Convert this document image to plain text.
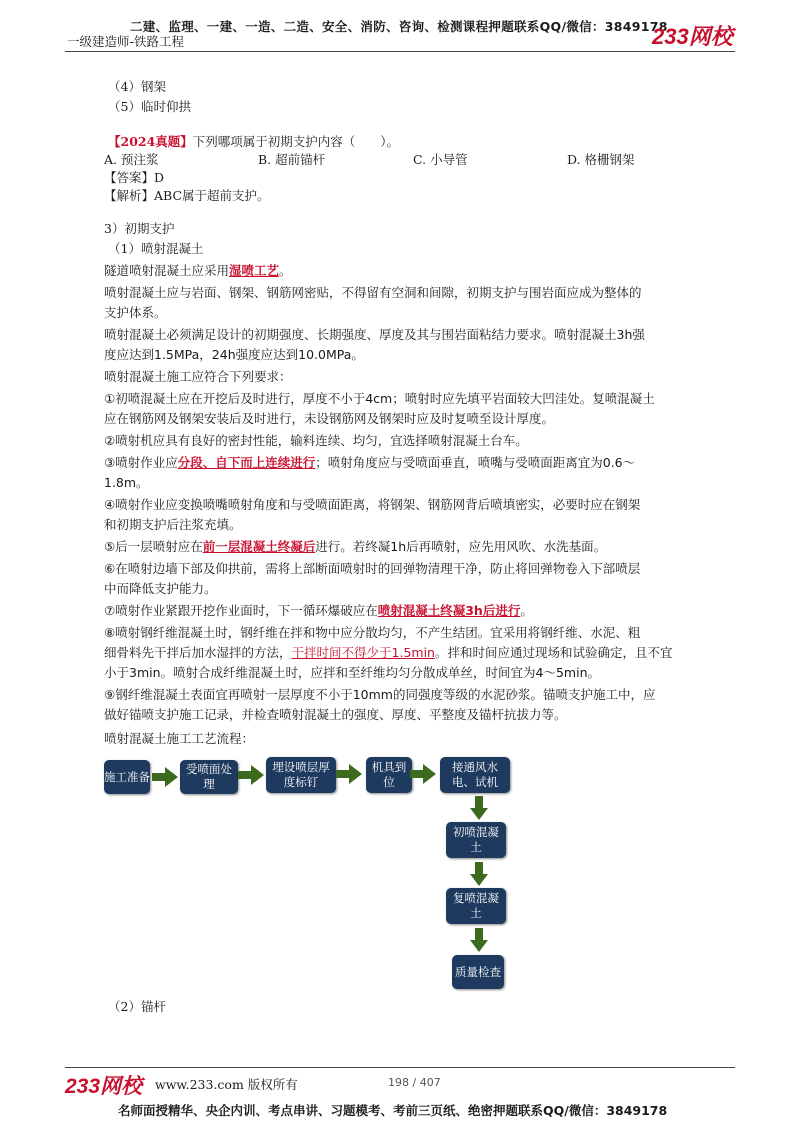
二建、监理、一建、一造、二造、安全、消防、咨询、检测课程押题联系QQ/微信：3849178
一级建造师-铁路工程	233网校
（4）钢架
（5）临时仰拱
【2024真题】下列哪项属于初期支护内容（　　）。
A. 预注浆	B. 超前锚杆	C. 小导管	D. 格栅钢架
【答案】D
【解析】ABC属于超前支护。
3）初期支护
（1）喷射混凝土
隧道喷射混凝土应采用湿喷工艺。
喷射混凝土应与岩面、钢架、钢筋网密贴，不得留有空洞和间隙，初期支护与围岩面应成为整体的
支护体系。
喷射混凝土必须满足设计的初期强度、长期强度、厚度及其与围岩面粘结力要求。喷射混凝土3h强
度应达到1.5MPa，24h强度应达到10.0MPa。
喷射混凝土施工应符合下列要求：
①初喷混凝土应在开挖后及时进行，厚度不小于4cm；喷射时应先填平岩面较大凹洼处。复喷混凝土
应在钢筋网及钢架安装后及时进行，未设钢筋网及钢架时应及时复喷至设计厚度。
②喷射机应具有良好的密封性能，输料连续、均匀，宜选择喷射混凝土台车。
③喷射作业应分段、自下而上连续进行；喷射角度应与受喷面垂直，喷嘴与受喷面距离宜为0.6～
1.8m。
④喷射作业应变换喷嘴喷射角度和与受喷面距离，将钢架、钢筋网背后喷填密实，必要时应在钢架
和初期支护后注浆充填。
⑤后一层喷射应在前一层混凝土终凝后进行。若终凝1h后再喷射，应先用风吹、水洗基面。
⑥在喷射边墙下部及仰拱前，需将上部断面喷射时的回弹物清理干净，防止将回弹物卷入下部喷层
中而降低支护能力。
⑦喷射作业紧跟开挖作业面时，下一循环爆破应在喷射混凝土终凝3h后进行。
⑧喷射钢纤维混凝土时，钢纤维在拌和物中应分散均匀，不产生结团。宜采用将钢纤维、水泥、粗
细骨料先干拌后加水湿拌的方法，干拌时间不得少于1.5min。拌和时间应通过现场和试验确定，且不宜
小于3min。喷射合成纤维混凝土时，应拌和至纤维均匀分散成单丝，时间宜为4～5min。
⑨钢纤维混凝土表面宜再喷射一层厚度不小于10mm的同强度等级的水泥砂浆。锚喷支护施工中，应
做好锚喷支护施工记录，并检查喷射混凝土的强度、厚度、平整度及锚杆抗拔力等。
喷射混凝土施工工艺流程：
施工准备
受喷面处理
埋设喷层厚度标钉
机具到位
接通风水电、试机
初喷混凝土
复喷混凝土
质量检查
（2）锚杆
233网校 www.233.com 版权所有	198 / 407
名师面授精华、央企内训、考点串讲、习题模考、考前三页纸、绝密押题联系QQ/微信：3849178
